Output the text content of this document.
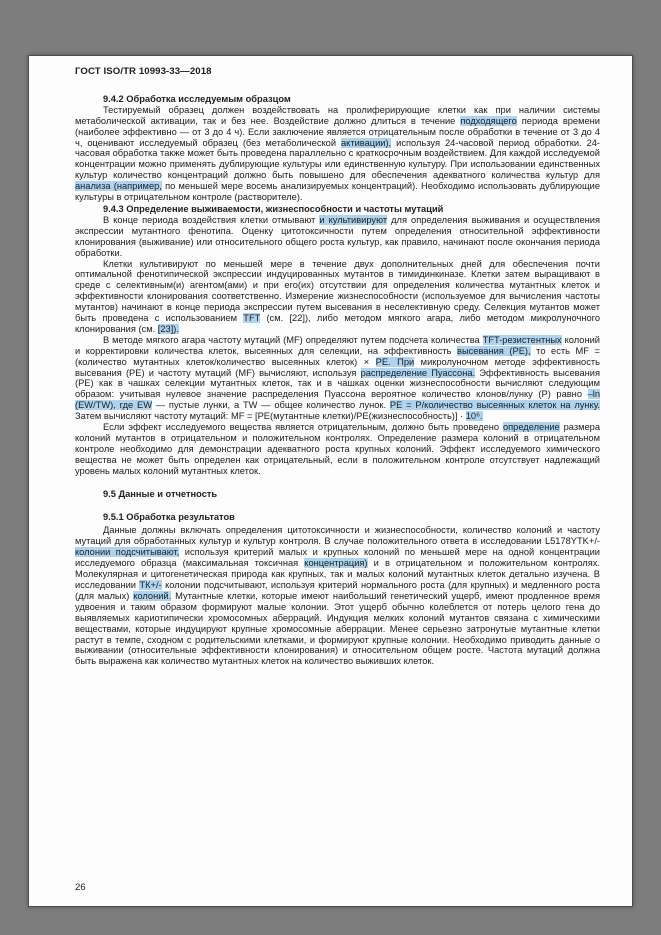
ГОСТ ISO/TR 10993-33—2018
9.4.2 Обработка исследуемым образцом
Тестируемый образец должен воздействовать на пролиферирующие клетки как при наличии системы метаболической активации, так и без нее. Воздействие должно длиться в течение подходящего периода времени (наиболее эффективно — от 3 до 4 ч). Если заключение является отрицательным после обработки в течение от 3 до 4 ч, оценивают исследуемый образец (без метаболической активации), используя 24-часовой период обработки. 24-часовая обработка также может быть проведена параллельно с краткосрочным воздействием. Для каждой исследуемой концентрации можно применять дублирующие культуры или единственную культуру. При использовании единственных культур количество концентраций должно быть повышено для обеспечения адекватного количества культур для анализа (например, по меньшей мере восемь анализируемых концентраций). Необходимо использовать дублирующие культуры в отрицательном контроле (растворителе).
9.4.3 Определение выживаемости, жизнеспособности и частоты мутаций
В конце периода воздействия клетки отмывают и культивируют для определения выживания и осуществления экспрессии мутантного фенотипа. Оценку цитотоксичности путем определения относительной эффективности клонирования (выживание) или относительного общего роста культур, как правило, начинают после окончания периода обработки.
Клетки культивируют по меньшей мере в течение двух дополнительных дней для обеспечения почти оптимальной фенотипической экспрессии индуцированных мутантов в тимидинкиназе. Клетки затем выращивают в среде с селективным(и) агентом(ами) и при его(их) отсутствии для определения количества мутантных клеток и эффективности клонирования соответственно. Измерение жизнеспособности (используемое для вычисления частоты мутантов) начинают в конце периода экспрессии путем высевания в неселективную среду. Селекция мутантов может быть проведена с использованием TFT (см. [22]), либо методом мягкого агара, либо методом микролуночного клонирования (см. [23]).
В методе мягкого агара частоту мутаций (MF) определяют путем подсчета количества TFT-резистентных колоний и корректировки количества клеток, высеянных для селекции, на эффективность высевания (PE), то есть MF = (количество мутантных клеток/количество высеянных клеток) × PE. При микролуночном методе эффективность высевания (PE) и частоту мутаций (MF) вычисляют, используя распределение Пуассона. Эффективность высевания (PE) как в чашках селекции мутантных клеток, так и в чашках оценки жизнеспособности вычисляют следующим образом: учитывая нулевое значение распределения Пуассона вероятное количество клонов/лунку (P) равно –ln (EW/TW), где EW — пустые лунки, а TW — общее количество лунок. PE = P/количество высеянных клеток на лунку. Затем вычисляют частоту мутаций: MF = [PE(мутантные клетки)/PE(жизнеспособность)] · 10⁶.
Если эффект исследуемого вещества является отрицательным, должно быть проведено определение размера колоний мутантов в отрицательном и положительном контролях. Определение размера колоний в отрицательном контроле необходимо для демонстрации адекватного роста крупных колоний. Эффект исследуемого химического вещества не может быть определен как отрицательный, если в положительном контроле отсутствует надлежащий уровень малых колоний мутантных клеток.
9.5 Данные и отчетность
9.5.1 Обработка результатов
Данные должны включать определения цитотоксичности и жизнеспособности, количество колоний и частоту мутаций для обработанных культур и культур контроля. В случае положительного ответа в исследовании L5178YTK+/- колонии подсчитывают, используя критерий малых и крупных колоний по меньшей мере на одной концентрации исследуемого образца (максимальная токсичная концентрация) и в отрицательном и положительном контролях. Молекулярная и цитогенетическая природа как крупных, так и малых колоний мутантных клеток детально изучена. В исследовании ТК+/- колонии подсчитывают, используя критерий нормального роста (для крупных) и медленного роста (для малых) колоний. Мутантные клетки, которые имеют наибольший генетический ущерб, имеют продленное время удвоения и таким образом формируют малые колонии. Этот ущерб обычно колеблется от потерь целого гена до выявляемых кариотипически хромосомных аберраций. Индукция мелких колоний мутантов связана с химическими веществами, которые индуцируют крупные хромосомные аберрации. Менее серьезно затронутые мутантные клетки растут в темпе, сходном с родительскими клетками, и формируют крупные колонии. Необходимо приводить данные о выживании (относительные эффективности клонирования) и относительном общем росте. Частота мутаций должна быть выражена как количество мутантных клеток на количество выживших клеток.
26
